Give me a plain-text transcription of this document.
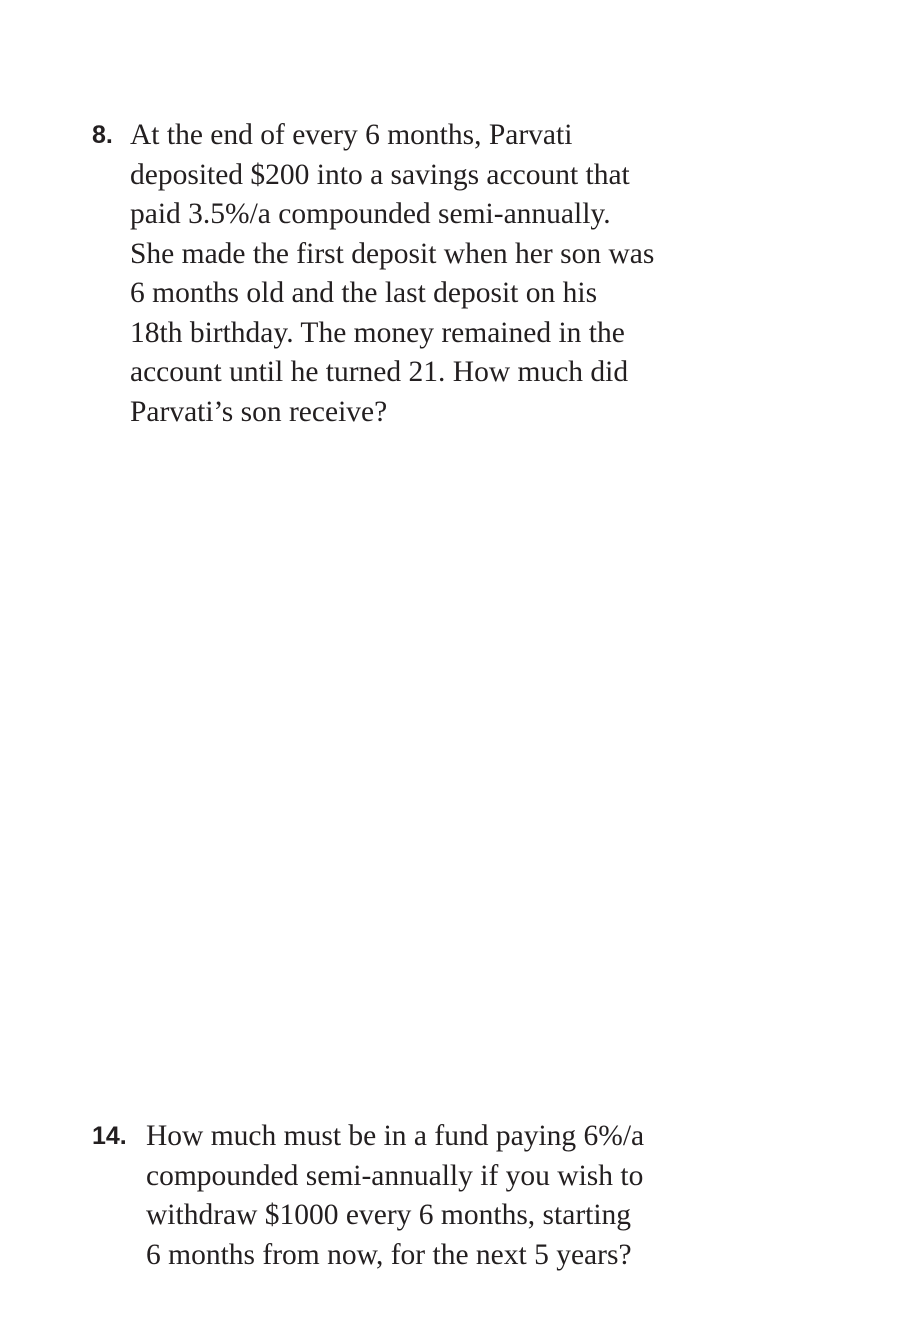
8. At the end of every 6 months, Parvati
deposited $200 into a savings account that
paid 3.5%/a compounded semi-annually.
She made the first deposit when her son was
6 months old and the last deposit on his
18th birthday. The money remained in the
account until he turned 21. How much did
Parvati’s son receive?
14. How much must be in a fund paying 6%/a
compounded semi-annually if you wish to
withdraw $1000 every 6 months, starting
6 months from now, for the next 5 years?
